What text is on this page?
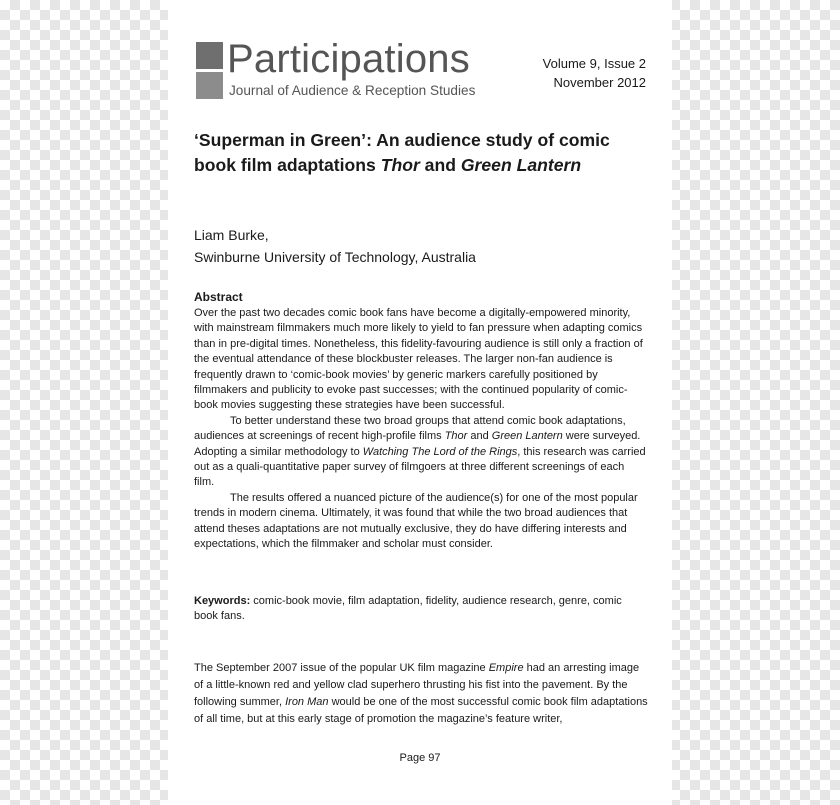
Participations
Journal of Audience & Reception Studies
Volume 9, Issue 2
November 2012
‘Superman in Green’: An audience study of comic book film adaptations Thor and Green Lantern
Liam Burke,
Swinburne University of Technology, Australia
Abstract

Over the past two decades comic book fans have become a digitally-empowered minority, with mainstream filmmakers much more likely to yield to fan pressure when adapting comics than in pre-digital times. Nonetheless, this fidelity-favouring audience is still only a fraction of the eventual attendance of these blockbuster releases. The larger non-fan audience is frequently drawn to ‘comic-book movies’ by generic markers carefully positioned by filmmakers and publicity to evoke past successes; with the continued popularity of comic-book movies suggesting these strategies have been successful.

To better understand these two broad groups that attend comic book adaptations, audiences at screenings of recent high-profile films Thor and Green Lantern were surveyed. Adopting a similar methodology to Watching The Lord of the Rings, this research was carried out as a quali-quantitative paper survey of filmgoers at three different screenings of each film.

The results offered a nuanced picture of the audience(s) for one of the most popular trends in modern cinema. Ultimately, it was found that while the two broad audiences that attend theses adaptations are not mutually exclusive, they do have differing interests and expectations, which the filmmaker and scholar must consider.

Keywords: comic-book movie, film adaptation, fidelity, audience research, genre, comic book fans.
The September 2007 issue of the popular UK film magazine Empire had an arresting image of a little-known red and yellow clad superhero thrusting his fist into the pavement. By the following summer, Iron Man would be one of the most successful comic book film adaptations of all time, but at this early stage of promotion the magazine’s feature writer,
Page 97
